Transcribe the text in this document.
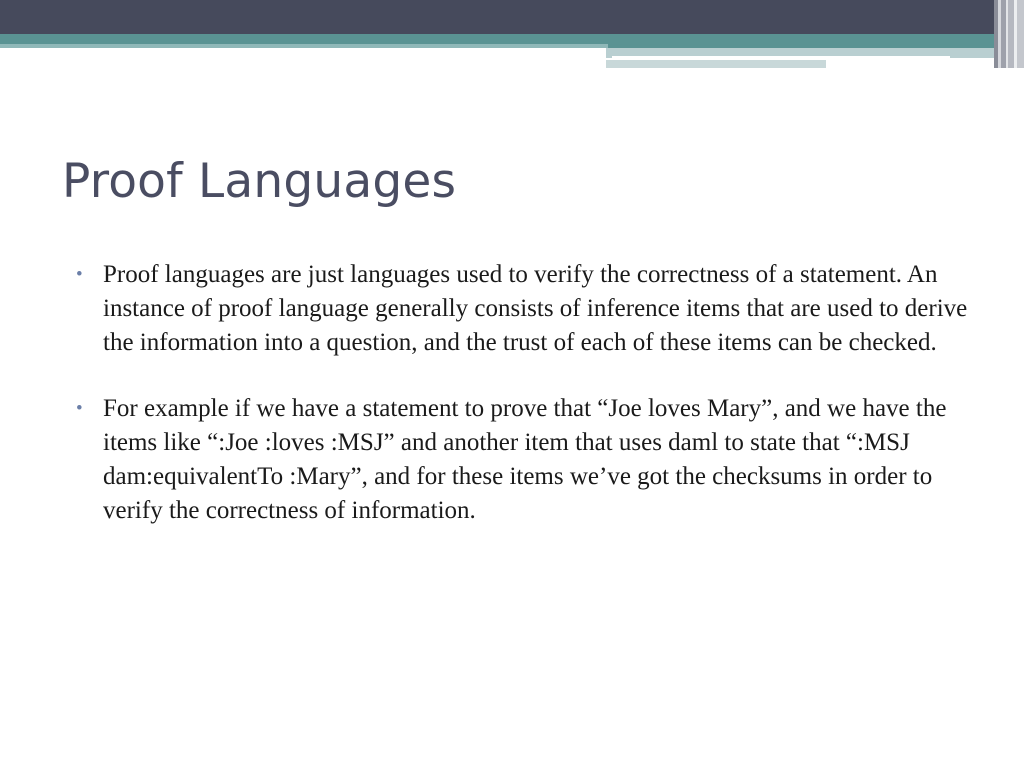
Proof Languages
• Proof languages are just languages used to verify the correctness of a statement. An instance of proof language generally consists of inference items that are used to derive the information into a question, and the trust of each of these items can be checked.
• For example if we have a statement to prove that “Joe loves Mary”, and we have the items like “:Joe :loves :MSJ” and another item that uses daml to state that “:MSJ dam:equivalentTo :Mary”, and for these items we’ve got the checksums in order to verify the correctness of information.
